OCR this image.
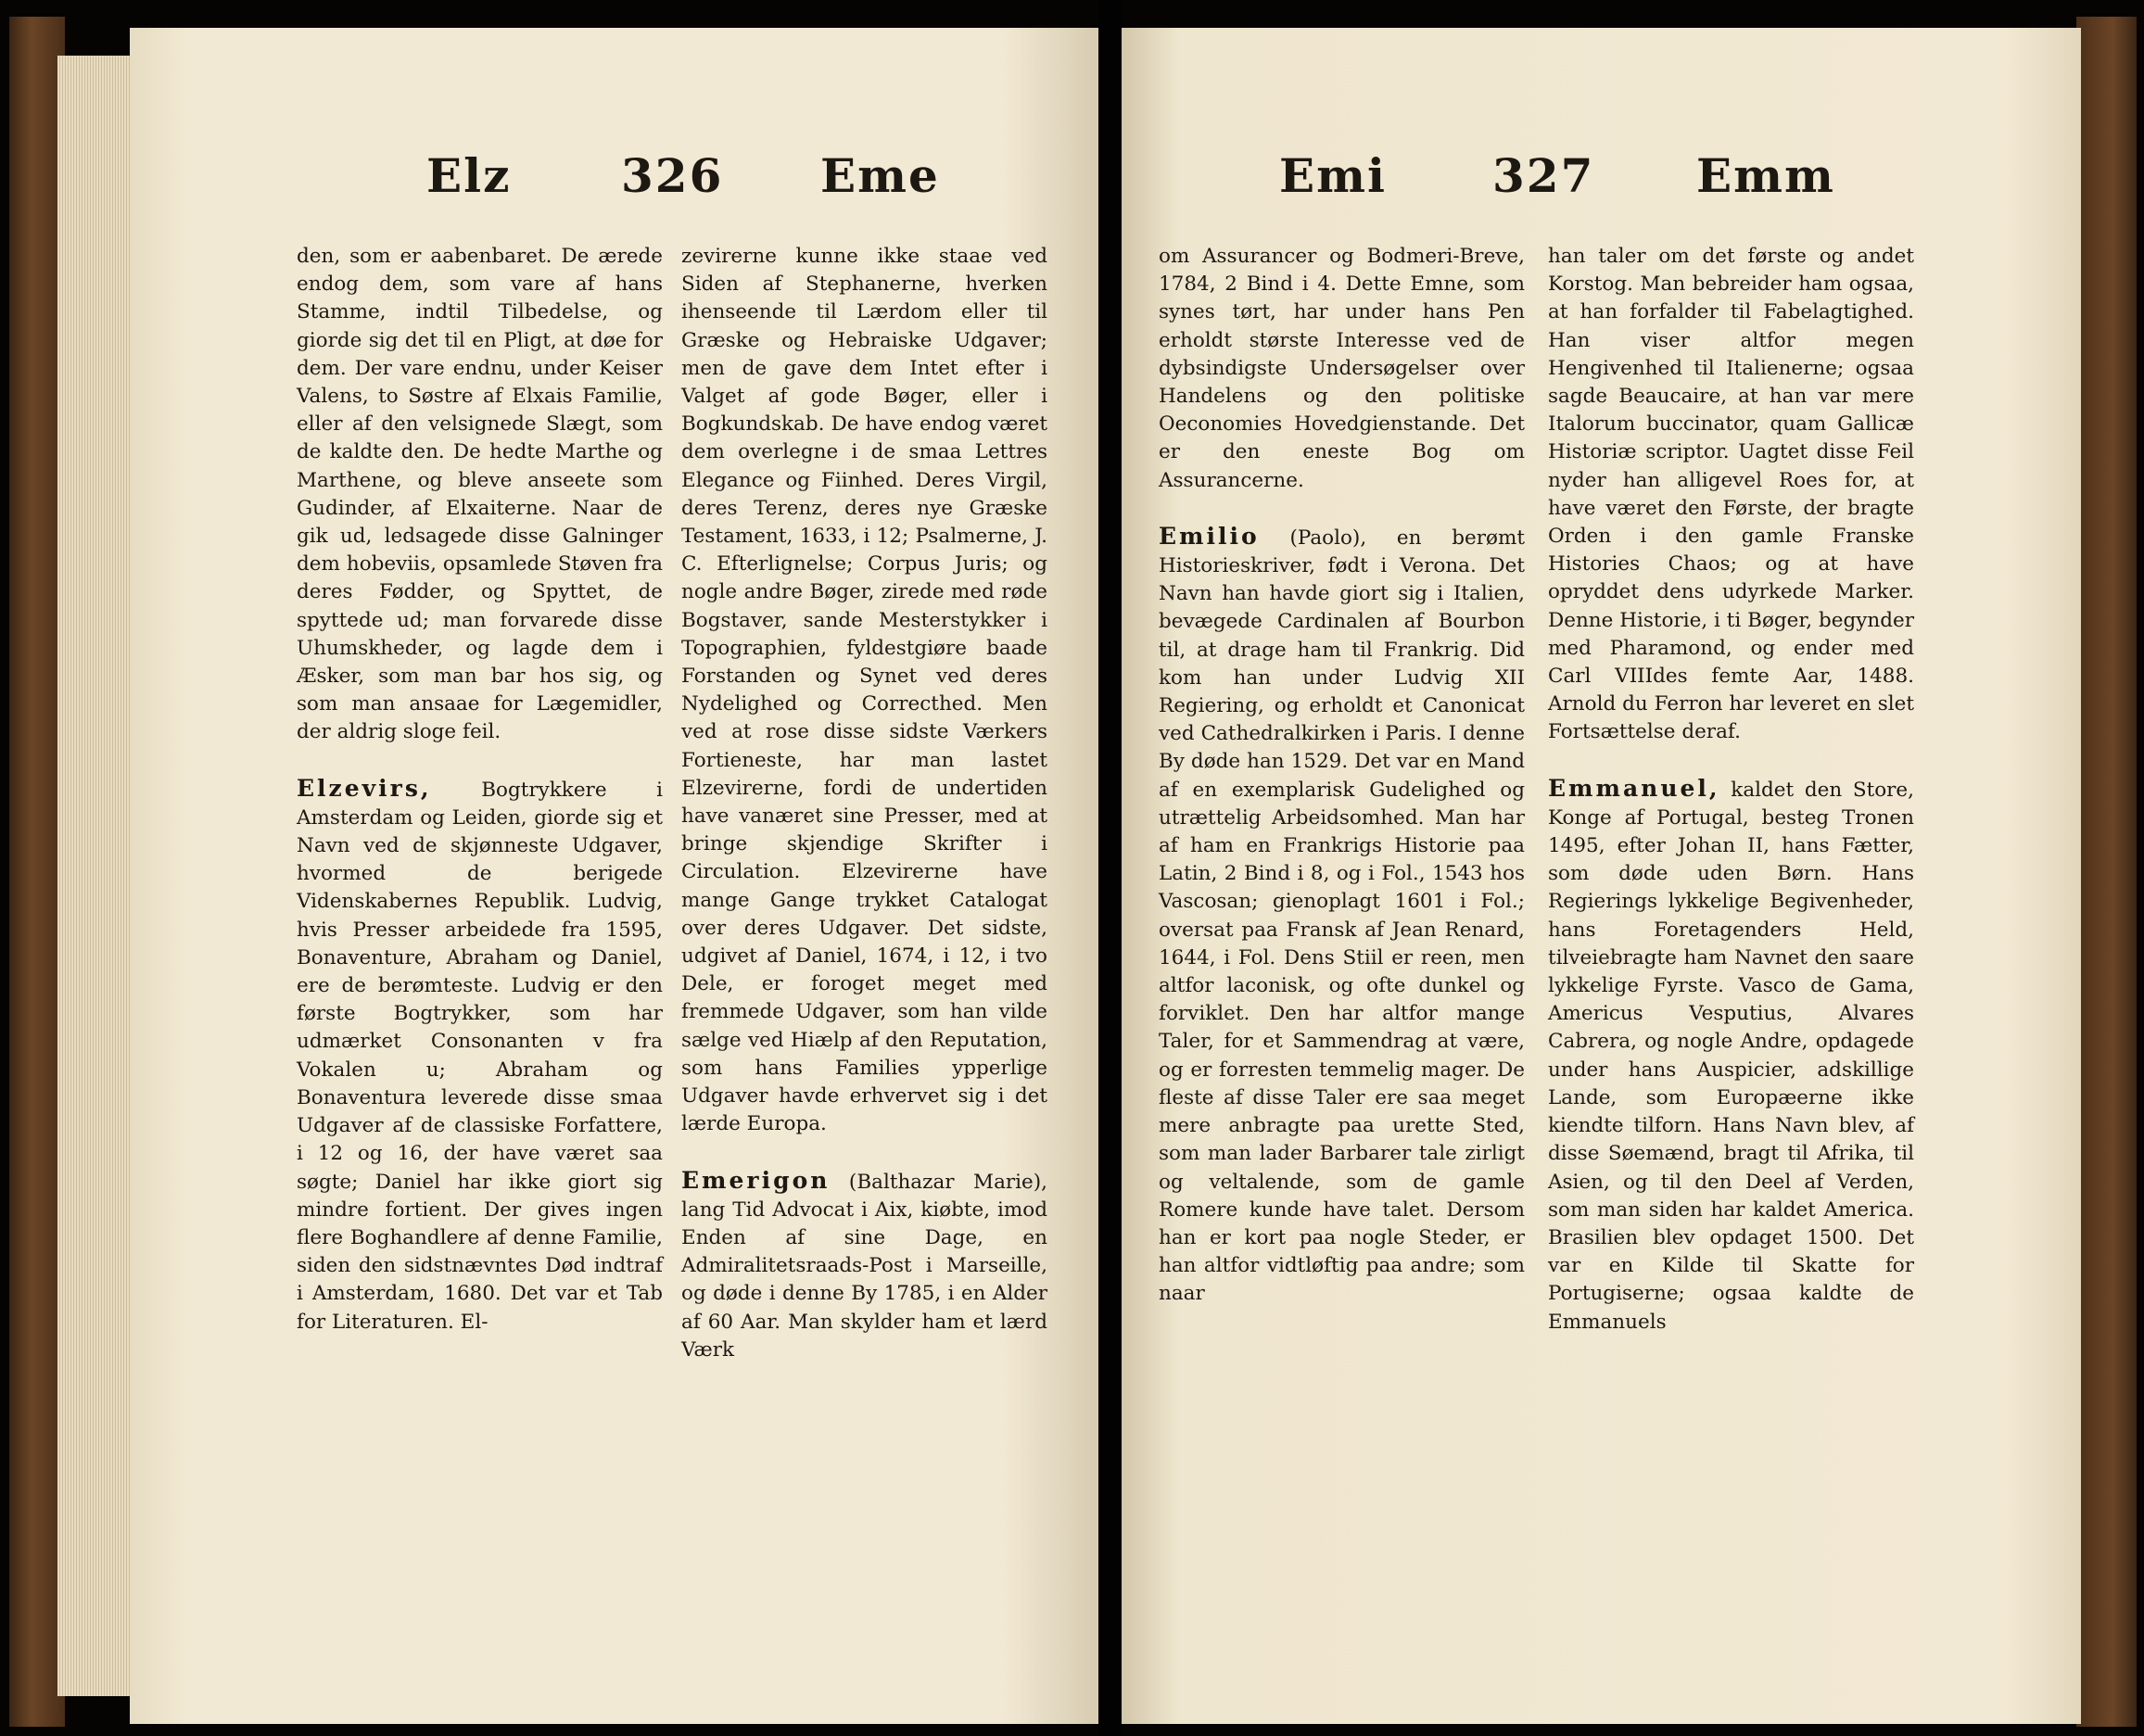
Elz 326 Eme

den, som er aabenbaret. De ærede endog dem, som vare af hans Stamme, indtil Tilbedelse, og giorde sig det til en Pligt, at døe for dem. Der vare endnu, under Keiser Valens, to Søstre af Elxais Familie, eller af den velsignede Slægt, som de kaldte den. De hedte Marthe og Marthene, og bleve anseete som Gudinder, af Elxaiterne. Naar de gik ud, ledsagede disse Galninger dem hobeviis, opsamlede Støven fra deres Fødder, og Spyttet, de spyttede ud; man forvarede disse Uhumskheder, og lagde dem i Æsker, som man bar hos sig, og som man ansaae for Lægemidler, der aldrig sloge feil.

Elzevirs, Bogtrykkere i Amsterdam og Leiden, giorde sig et Navn ved de skjønneste Udgaver, hvormed de berigede Videnskabernes Republik. Ludvig, hvis Presser arbeidede fra 1595, Bonaventure, Abraham og Daniel, ere de berømteste. Ludvig er den første Bogtrykker, som har udmærket Consonanten v fra Vokalen u; Abraham og Bonaventura leverede disse smaa Udgaver af de classiske Forfattere, i 12 og 16, der have været saa søgte; Daniel har ikke giort sig mindre fortient. Der gives ingen flere Boghandlere af denne Familie, siden den sidstnævntes Død indtraf i Amsterdam, 1680. Det var et Tab for Literaturen. El-

zevirerne kunne ikke staae ved Siden af Stephanerne, hverken ihenseende til Lærdom eller til Græske og Hebraiske Udgaver; men de gave dem Intet efter i Valget af gode Bøger, eller i Bogkundskab. De have endog været dem overlegne i de smaa Lettres Elegance og Fiinhed. Deres Virgil, deres Terenz, deres nye Græske Testament, 1633, i 12; Psalmerne, J. C. Efterlignelse; Corpus Juris; og nogle andre Bøger, zirede med røde Bogstaver, sande Mesterstykker i Topographien, fyldestgiøre baade Forstanden og Synet ved deres Nydelighed og Correcthed. Men ved at rose disse sidste Værkers Fortieneste, har man lastet Elzevirerne, fordi de undertiden have vanæret sine Presser, med at bringe skjendige Skrifter i Circulation. Elzevirerne have mange Gange trykket Catalogat over deres Udgaver. Det sidste, udgivet af Daniel, 1674, i 12, i tvo Dele, er foroget meget med fremmede Udgaver, som han vilde sælge ved Hiælp af den Reputation, som hans Families ypperlige Udgaver havde erhvervet sig i det lærde Europa.

Emerigon (Balthazar Marie), lang Tid Advocat i Aix, kiøbte, imod Enden af sine Dage, en Admiralitetsraads-Post i Marseille, og døde i denne By 1785, i en Alder af 60 Aar. Man skylder ham et lærd Værk

Emi 327 Emm

om Assurancer og Bodmeri-Breve, 1784, 2 Bind i 4. Dette Emne, som synes tørt, har under hans Pen erholdt største Interesse ved de dybsindigste Undersøgelser over Handelens og den politiske Oeconomies Hovedgienstande. Det er den eneste Bog om Assurancerne.

Emilio (Paolo), en berømt Historieskriver, født i Verona. Det Navn han havde giort sig i Italien, bevægede Cardinalen af Bourbon til, at drage ham til Frankrig. Did kom han under Ludvig XII Regiering, og erholdt et Canonicat ved Cathedralkirken i Paris. I denne By døde han 1529. Det var en Mand af en exemplarisk Gudelighed og utrættelig Arbeidsomhed. Man har af ham en Frankrigs Historie paa Latin, 2 Bind i 8, og i Fol., 1543 hos Vascosan; gienoplagt 1601 i Fol.; oversat paa Fransk af Jean Renard, 1644, i Fol. Dens Stiil er reen, men altfor laconisk, og ofte dunkel og forviklet. Den har altfor mange Taler, for et Sammendrag at være, og er forresten temmelig mager. De fleste af disse Taler ere saa meget mere anbragte paa urette Sted, som man lader Barbarer tale zirligt og veltalende, som de gamle Romere kunde have talet. Dersom han er kort paa nogle Steder, er han altfor vidtløftig paa andre; som naar

han taler om det første og andet Korstog. Man bebreider ham ogsaa, at han forfalder til Fabelagtighed. Han viser altfor megen Hengivenhed til Italienerne; ogsaa sagde Beaucaire, at han var mere Italorum buccinator, quam Gallicæ Historiæ scriptor. Uagtet disse Feil nyder han alligevel Roes for, at have været den Første, der bragte Orden i den gamle Franske Histories Chaos; og at have opryddet dens udyrkede Marker. Denne Historie, i ti Bøger, begynder med Pharamond, og ender med Carl VIIIdes femte Aar, 1488. Arnold du Ferron har leveret en slet Fortsættelse deraf.

Emmanuel, kaldet den Store, Konge af Portugal, besteg Tronen 1495, efter Johan II, hans Fætter, som døde uden Børn. Hans Regierings lykkelige Begivenheder, hans Foretagenders Held, tilveiebragte ham Navnet den saare lykkelige Fyrste. Vasco de Gama, Americus Vesputius, Alvares Cabrera, og nogle Andre, opdagede under hans Auspicier, adskillige Lande, som Europæerne ikke kiendte tilforn. Hans Navn blev, af disse Søemænd, bragt til Afrika, til Asien, og til den Deel af Verden, som man siden har kaldet America. Brasilien blev opdaget 1500. Det var en Kilde til Skatte for Portugiserne; ogsaa kaldte de Emmanuels
